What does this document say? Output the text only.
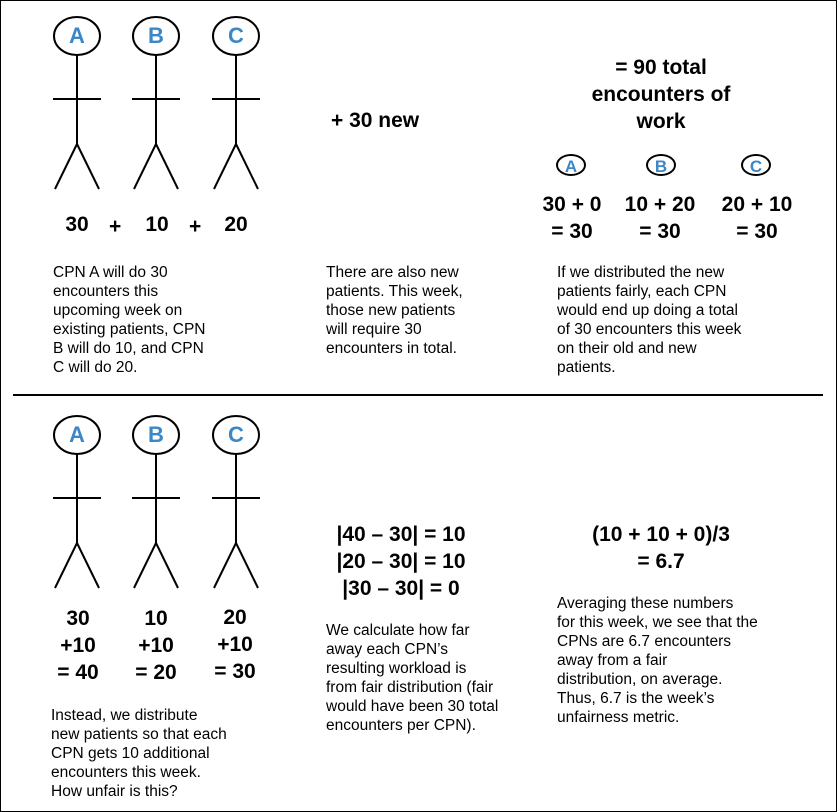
A	B	C
30 +	10 +	20
CPN A will do 30
encounters this
upcoming week on
existing patients, CPN
B will do 10, and CPN
C will do 20.
+ 30 new
There are also new
patients. This week,
those new patients
will require 30
encounters in total.
= 90 total
encounters of
work
A	B	C
30 + 0
= 30
10 + 20
= 30
20 + 10
= 30
If we distributed the new
patients fairly, each CPN
would end up doing a total
of 30 encounters this week
on their old and new
patients.
A	B	C
30
+10
= 40
10
+10
= 20
20
+10
= 30
Instead, we distribute
new patients so that each
CPN gets 10 additional
encounters this week.
How unfair is this?
|40 – 30| = 10
|20 – 30| = 10
|30 – 30| = 0
We calculate how far
away each CPN’s
resulting workload is
from fair distribution (fair
would have been 30 total
encounters per CPN).
(10 + 10 + 0)/3
= 6.7
Averaging these numbers
for this week, we see that the
CPNs are 6.7 encounters
away from a fair
distribution, on average.
Thus, 6.7 is the week’s
unfairness metric.
